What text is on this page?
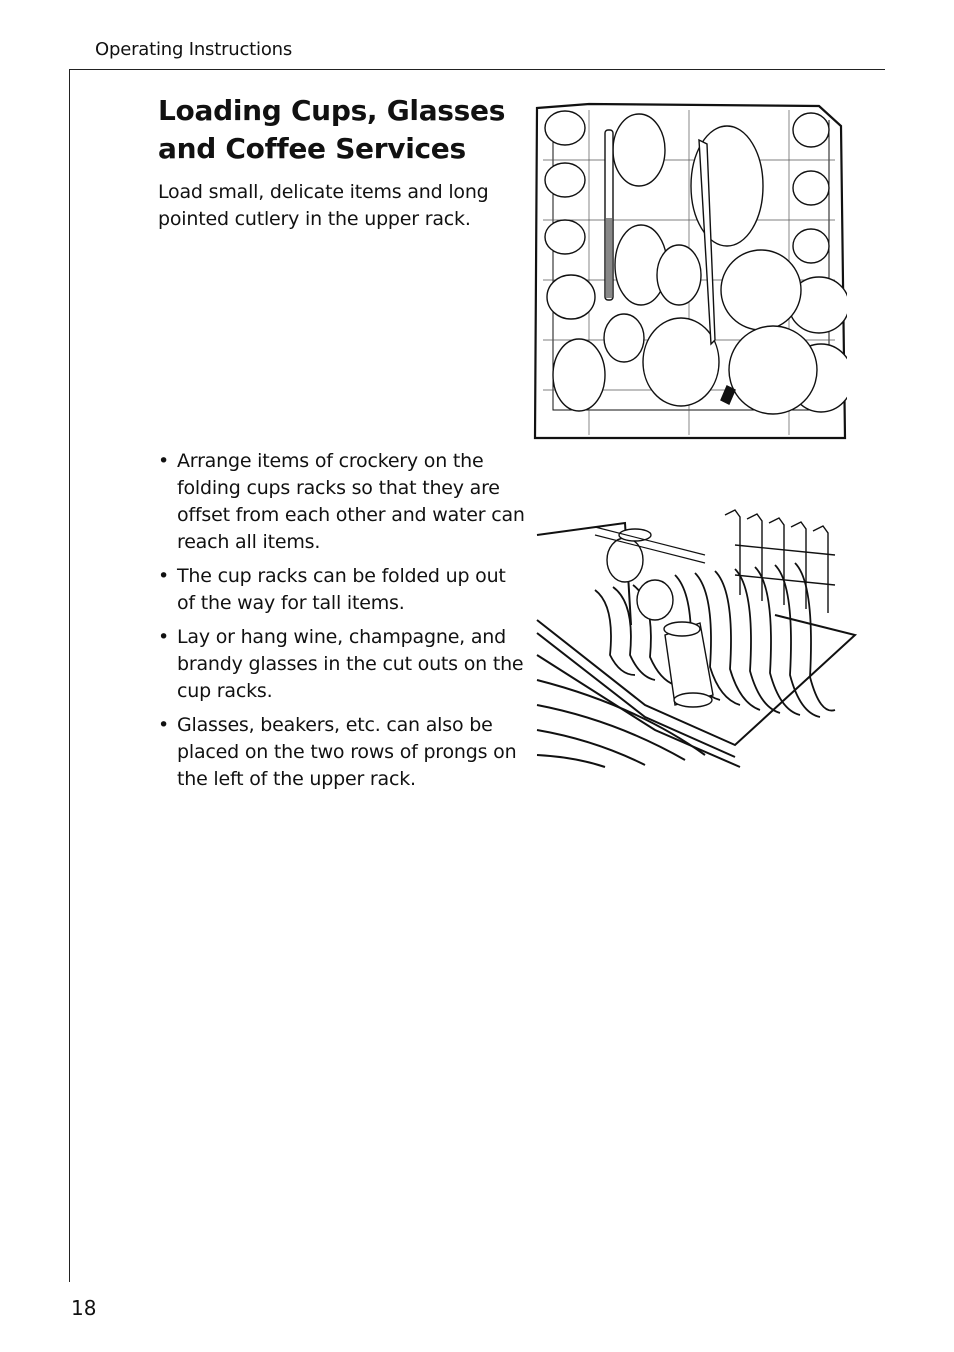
Operating Instructions
Loading Cups, Glasses and Coffee Services

Load small, delicate items and long pointed cutlery in the upper rack.

• Arrange items of crockery on the folding cups racks so that they are offset from each other and water can reach all items.
• The cup racks can be folded up out of the way for tall items.
• Lay or hang wine, champagne, and brandy glasses in the cut outs on the cup racks.
• Glasses, beakers, etc. can also be placed on the two rows of prongs on the left of the upper rack.
18
